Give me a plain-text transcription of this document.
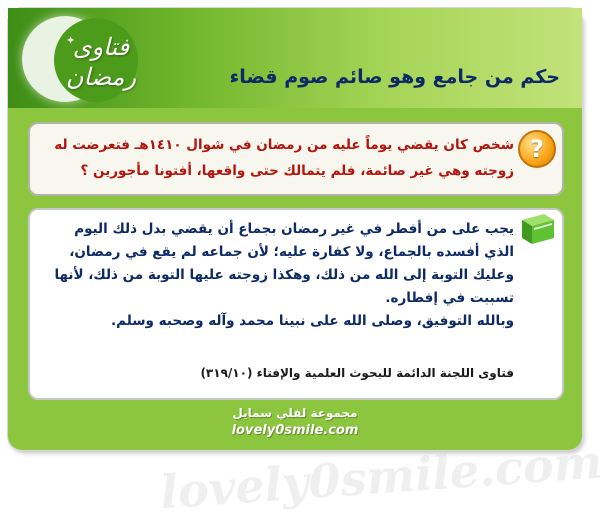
✦
فتاوى رمضان	حكم من جامع وهو صائم صوم قضاء
?
شخص كان يقضي يوماً عليه من رمضان في شوال ١٤١٠هـ فتعرضت له زوجته وهي غير صائمة، فلم يتمالك حتى واقعها، أفتونا مأجورين ؟
lovely0smile.com

يجب على من أفطر في غير رمضان بجماع أن يقضي بدل ذلك اليوم الذي أفسده بالجماع، ولا كفارة عليه؛ لأن جماعه لم يقع في رمضان، وعليك التوبة إلى الله من ذلك، وهكذا زوجته عليها التوبة من ذلك، لأنها تسببت في إفطاره.

وبالله التوفيق، وصلى الله على نبينا محمد وآله وصحبه وسلم.

فتاوى اللجنة الدائمة للبحوث العلمية والإفتاء (٣١٩/١٠)
مجموعة لفلي سمايل
lovely0smile.com
